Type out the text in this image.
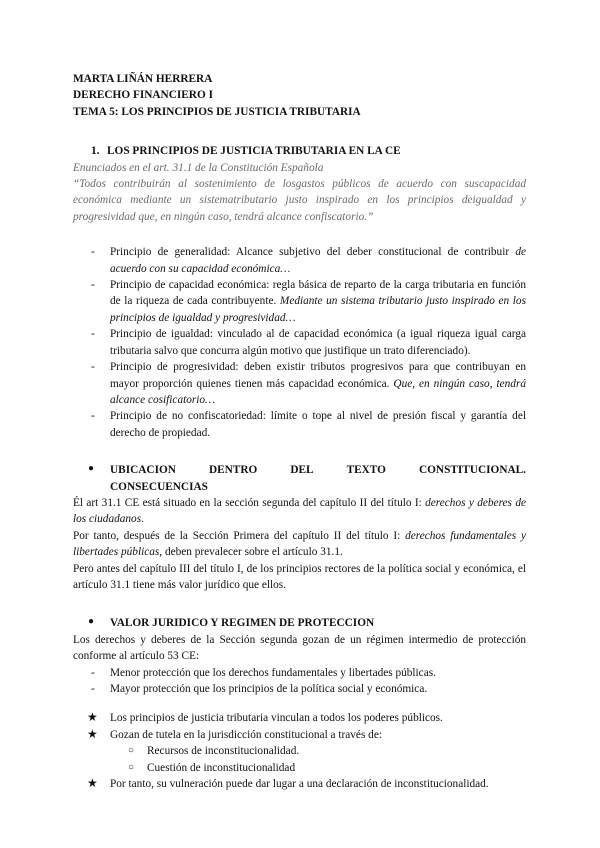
MARTA LIÑÁN HERRERA

DERECHO FINANCIERO I

TEMA 5: LOS PRINCIPIOS DE JUSTICIA TRIBUTARIA

1. LOS PRINCIPIOS DE JUSTICIA TRIBUTARIA EN LA CE
Enunciados en el art. 31.1 de la Constitución Española
“Todos contribuirán al sostenimiento de losgastos públicos de acuerdo con suscapacidad económica mediante un sistematributario justo inspirado en los principios deigualdad y progresividad que, en ningún caso, tendrá alcance confiscatorio.”
- Principio de generalidad: Alcance subjetivo del deber constitucional de contribuir de acuerdo con su capacidad económica…
- Principio de capacidad económica: regla básica de reparto de la carga tributaria en función de la riqueza de cada contribuyente. Mediante un sistema tributario justo inspirado en los principios de igualdad y progresividad…
- Principio de igualdad: vinculado al de capacidad económica (a igual riqueza igual carga tributaria salvo que concurra algún motivo que justifique un trato diferenciado).
- Principio de progresividad: deben existir tributos progresivos para que contribuyan en mayor proporción quienes tienen más capacidad económica. Que, en ningún caso, tendrá alcance cosificatorio…
- Principio de no confiscatoriedad: límite o tope al nivel de presión fiscal y garantía del derecho de propiedad.
● UBICACION	DENTRO	DEL	TEXTO	CONSTITUCIONAL.
CONSECUENCIAS

Él art 31.1 CE está situado en la sección segunda del capítulo II del título I: derechos y deberes de los ciudadanos.

Por tanto, después de la Sección Primera del capítulo II del título I: derechos fundamentales y libertades públicas, deben prevalecer sobre el artículo 31.1.

Pero antes del capítulo III del título I, de los principios rectores de la política social y económica, el artículo 31.1 tiene más valor jurídico que ellos.

● VALOR JURIDICO Y REGIMEN DE PROTECCION

Los derechos y deberes de la Sección segunda gozan de un régimen intermedio de protección conforme al artículo 53 CE:

- Menor protección que los derechos fundamentales y libertades públicas.
- Mayor protección que los principios de la política social y económica.
★ Los principios de justicia tributaria vinculan a todos los poderes públicos.
★ Gozan de tutela en la jurisdicción constitucional a través de:
○ Recursos de inconstitucionalidad.
○ Cuestión de inconstitucionalidad
★ Por tanto, su vulneración puede dar lugar a una declaración de inconstitucionalidad.
